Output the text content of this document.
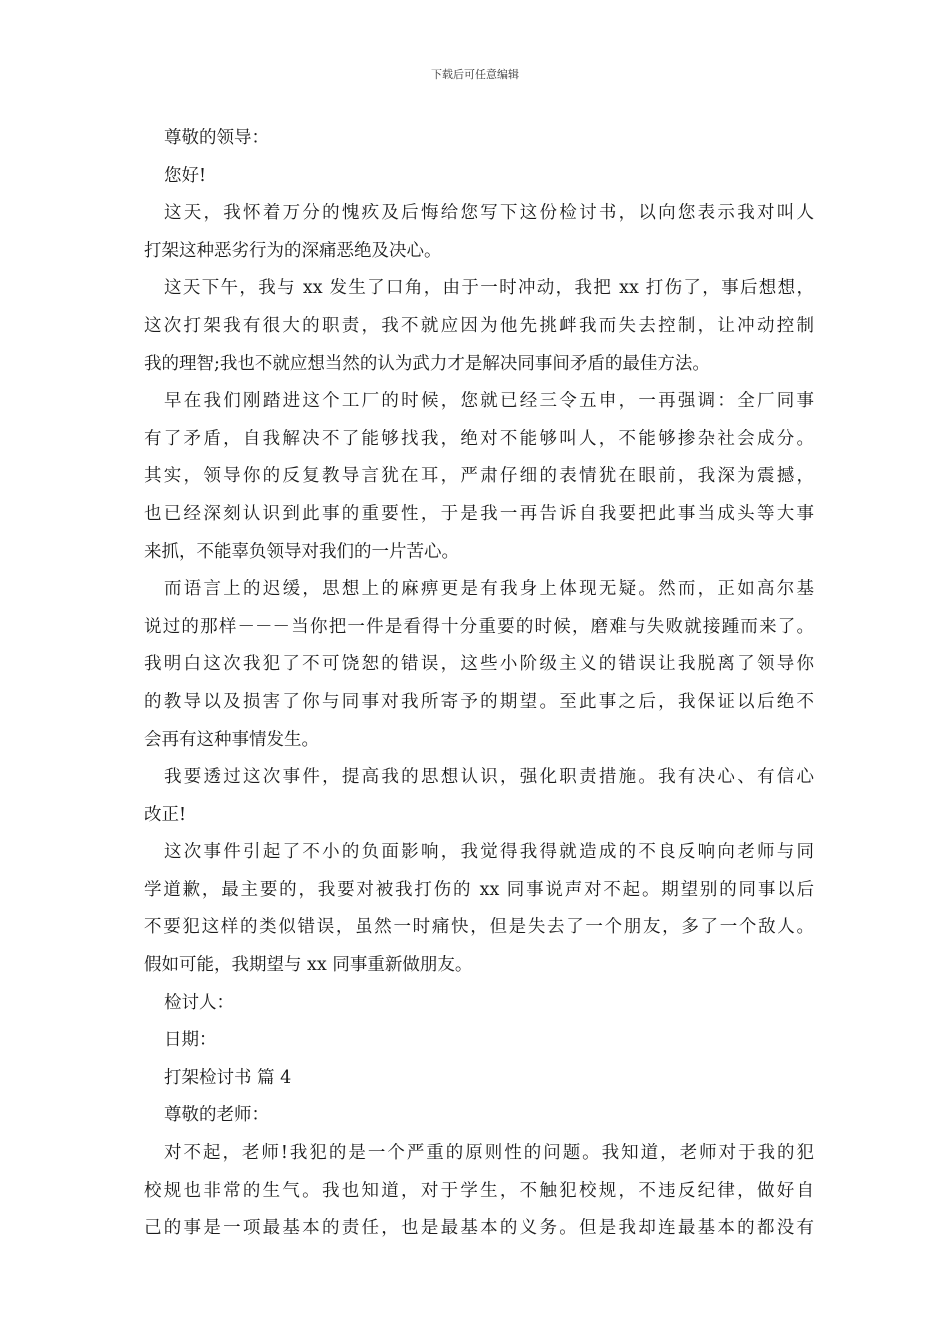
下载后可任意编辑
尊敬的领导：
您好!
这天，我怀着万分的愧疚及后悔给您写下这份检讨书，以向您表示我对叫人
打架这种恶劣行为的深痛恶绝及决心。
这天下午，我与 xx 发生了口角，由于一时冲动，我把 xx 打伤了，事后想想，
这次打架我有很大的职责，我不就应因为他先挑衅我而失去控制，让冲动控制
我的理智;我也不就应想当然的认为武力才是解决同事间矛盾的最佳方法。
早在我们刚踏进这个工厂的时候，您就已经三令五申，一再强调：全厂同事
有了矛盾，自我解决不了能够找我，绝对不能够叫人，不能够掺杂社会成分。
其实，领导你的反复教导言犹在耳，严肃仔细的表情犹在眼前，我深为震撼，
也已经深刻认识到此事的重要性，于是我一再告诉自我要把此事当成头等大事
来抓，不能辜负领导对我们的一片苦心。
而语言上的迟缓，思想上的麻痹更是有我身上体现无疑。然而，正如高尔基
说过的那样－－－当你把一件是看得十分重要的时候，磨难与失败就接踵而来了。
我明白这次我犯了不可饶恕的错误，这些小阶级主义的错误让我脱离了领导你
的教导以及损害了你与同事对我所寄予的期望。至此事之后，我保证以后绝不
会再有这种事情发生。
我要透过这次事件，提高我的思想认识，强化职责措施。我有决心、有信心
改正!
这次事件引起了不小的负面影响，我觉得我得就造成的不良反响向老师与同
学道歉，最主要的，我要对被我打伤的 xx 同事说声对不起。期望别的同事以后
不要犯这样的类似错误，虽然一时痛快，但是失去了一个朋友，多了一个敌人。
假如可能，我期望与 xx 同事重新做朋友。
检讨人：
日期：
打架检讨书 篇 4
尊敬的老师：
对不起，老师!我犯的是一个严重的原则性的问题。我知道，老师对于我的犯
校规也非常的生气。我也知道，对于学生，不触犯校规，不违反纪律，做好自
己的事是一项最基本的责任，也是最基本的义务。但是我却连最基本的都没有
